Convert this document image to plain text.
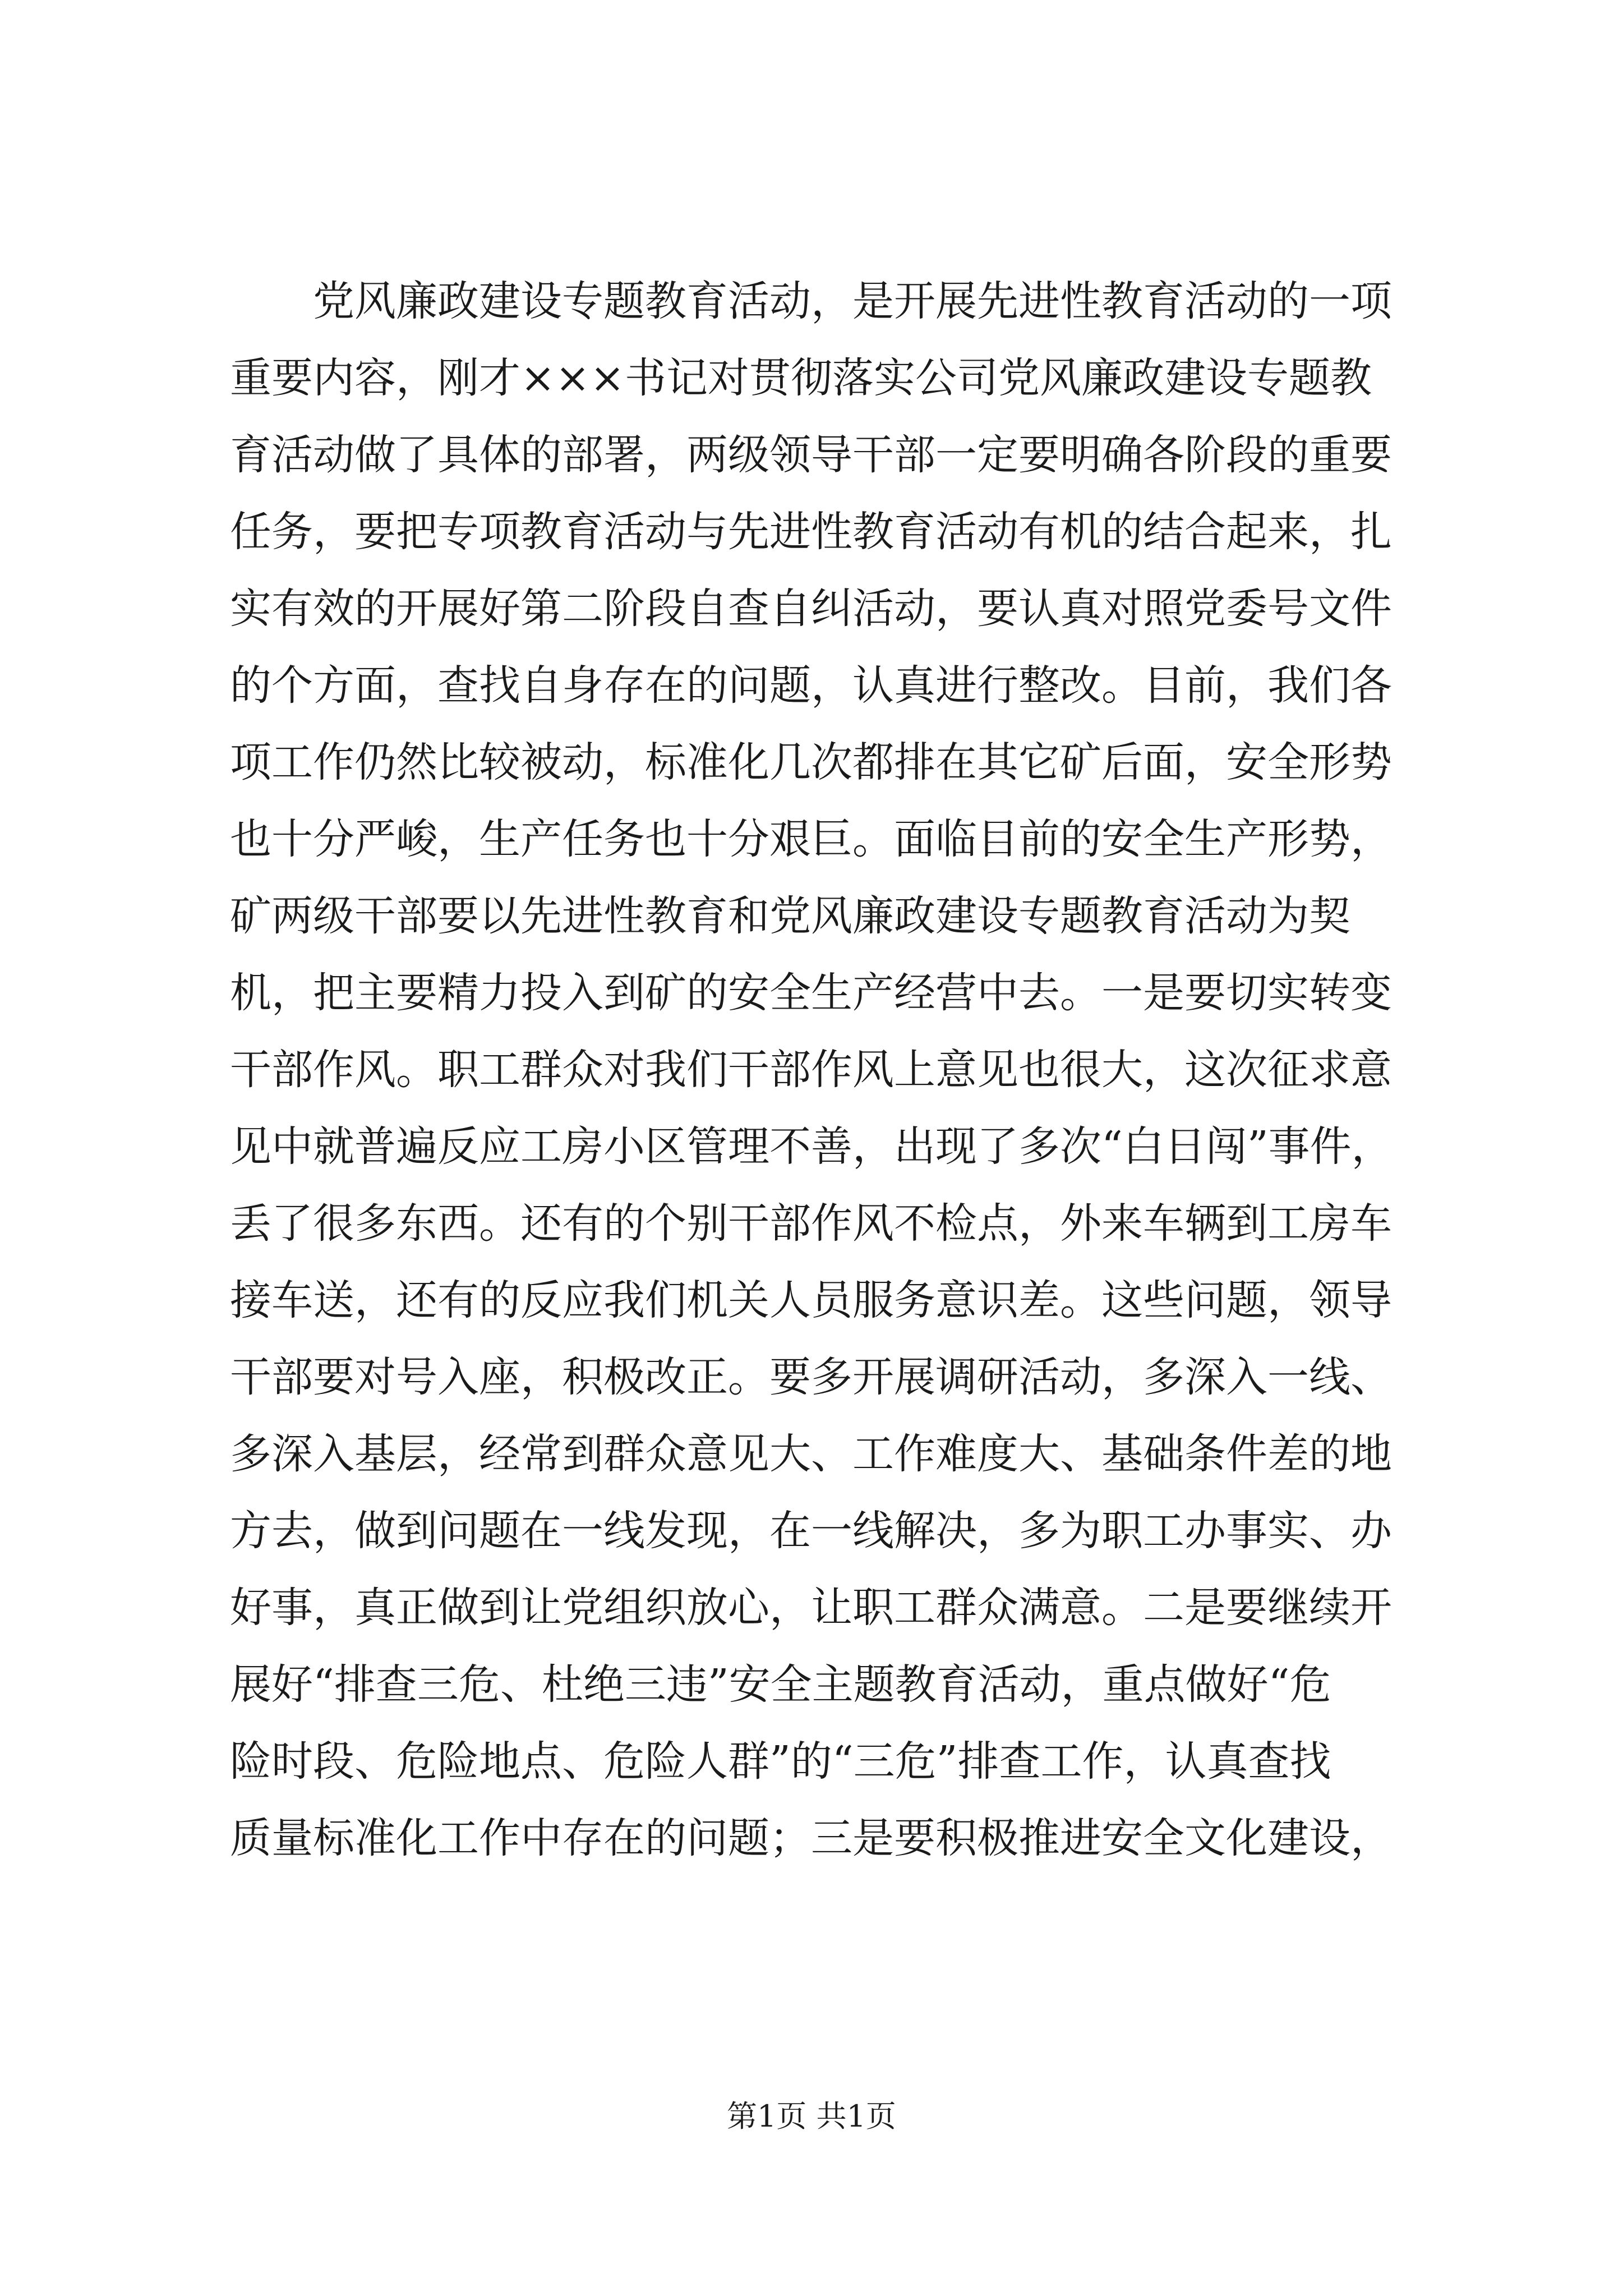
　　党风廉政建设专题教育活动，是开展先进性教育活动的一项
重要内容，刚才×××书记对贯彻落实公司党风廉政建设专题教
育活动做了具体的部署，两级领导干部一定要明确各阶段的重要
任务，要把专项教育活动与先进性教育活动有机的结合起来，扎
实有效的开展好第二阶段自查自纠活动，要认真对照党委号文件
的个方面，查找自身存在的问题，认真进行整改。目前，我们各
项工作仍然比较被动，标准化几次都排在其它矿后面，安全形势
也十分严峻，生产任务也十分艰巨。面临目前的安全生产形势，
矿两级干部要以先进性教育和党风廉政建设专题教育活动为契
机，把主要精力投入到矿的安全生产经营中去。一是要切实转变
干部作风。职工群众对我们干部作风上意见也很大，这次征求意
见中就普遍反应工房小区管理不善，出现了多次“白日闯”事件，
丢了很多东西。还有的个别干部作风不检点，外来车辆到工房车
接车送，还有的反应我们机关人员服务意识差。这些问题，领导
干部要对号入座，积极改正。要多开展调研活动，多深入一线、
多深入基层，经常到群众意见大、工作难度大、基础条件差的地
方去，做到问题在一线发现，在一线解决，多为职工办事实、办
好事，真正做到让党组织放心，让职工群众满意。二是要继续开
展好“排查三危、杜绝三违”安全主题教育活动，重点做好“危
险时段、危险地点、危险人群”的“三危”排查工作，认真查找
质量标准化工作中存在的问题；三是要积极推进安全文化建设，
第1页 共1页
